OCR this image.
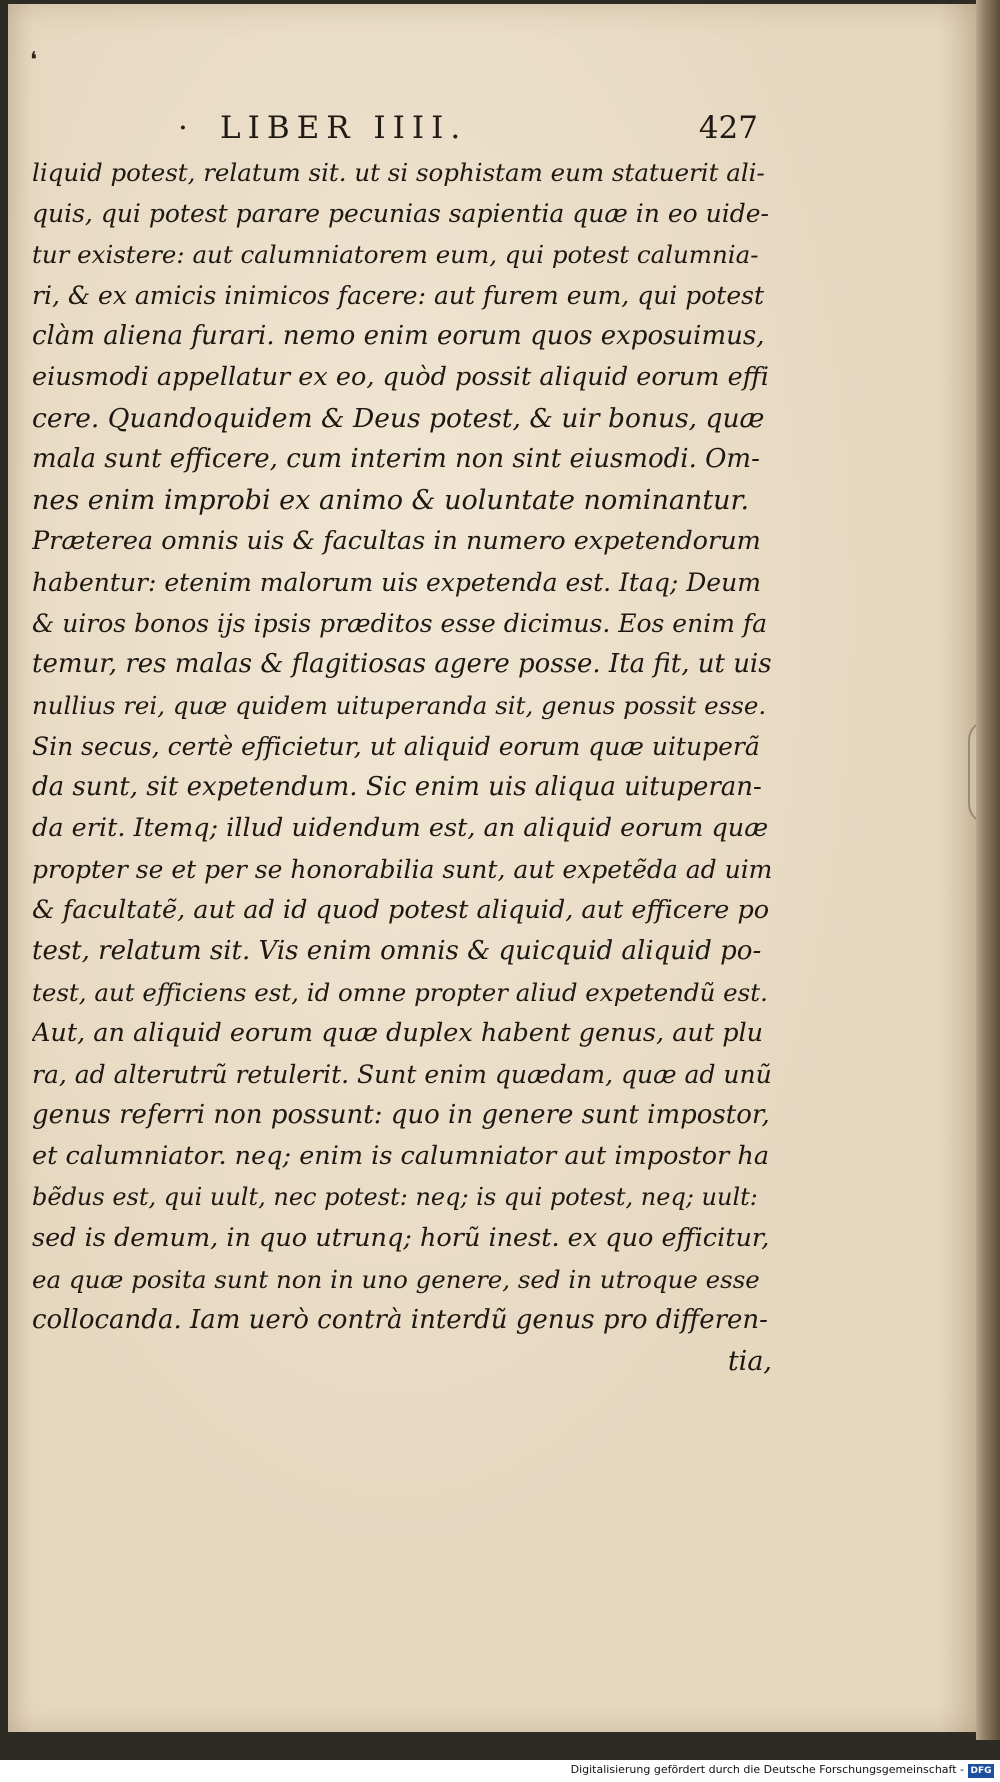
❛
· LIBER IIII.	427
liquid potest, relatum sit. ut si sophistam eum statuerit ali-
quis, qui potest parare pecunias sapientia quæ in eo uide-
tur existere: aut calumniatorem eum, qui potest calumnia-
ri, & ex amicis inimicos facere: aut furem eum, qui potest
clàm aliena furari. nemo enim eorum quos exposuimus,
eiusmodi appellatur ex eo, quòd possit aliquid eorum effi
cere. Quandoquidem & Deus potest, & uir bonus, quæ
mala sunt efficere, cum interim non sint eiusmodi. Om-
nes enim improbi ex animo & uoluntate nominantur.
Præterea omnis uis & facultas in numero expetendorum
habentur: etenim malorum uis expetenda est. Itaq; Deum
& uiros bonos ijs ipsis præditos esse dicimus. Eos enim fa
temur, res malas & flagitiosas agere posse. Ita fit, ut uis
nullius rei, quæ quidem uituperanda sit, genus possit esse.
Sin secus, certè efficietur, ut aliquid eorum quæ uituperã
da sunt, sit expetendum. Sic enim uis aliqua uituperan-
da erit. Itemq; illud uidendum est, an aliquid eorum quæ
propter se et per se honorabilia sunt, aut expetẽda ad uim
& facultatẽ, aut ad id quod potest aliquid, aut efficere po
test, relatum sit. Vis enim omnis & quicquid aliquid po-
test, aut efficiens est, id omne propter aliud expetendũ est.
Aut, an aliquid eorum quæ duplex habent genus, aut plu
ra, ad alterutrũ retulerit. Sunt enim quædam, quæ ad unũ
genus referri non possunt: quo in genere sunt impostor,
et calumniator. neq; enim is calumniator aut impostor ha
bẽdus est, qui uult, nec potest: neq; is qui potest, neq; uult:
sed is demum, in quo utrunq; horũ inest. ex quo efficitur,
ea quæ posita sunt non in uno genere, sed in utroque esse
collocanda. Iam uerò contrà interdũ genus pro differen-
tia,
Digitalisierung gefördert durch die Deutsche Forschungsgemeinschaft - DFG
